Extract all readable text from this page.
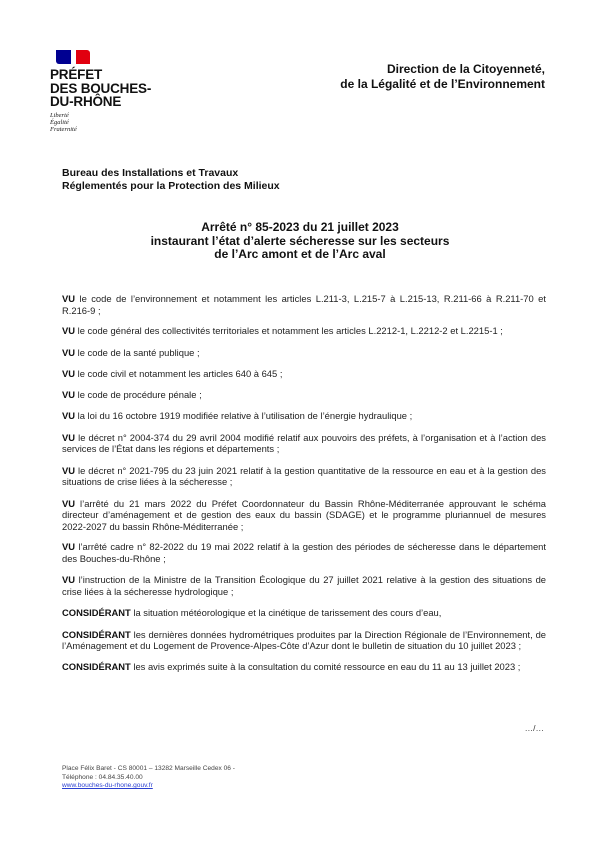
PRÉFET
DES BOUCHES-
DU-RHÔNE
Liberté
Égalité
Fraternité
Direction de la Citoyenneté,
de la Légalité et de l’Environnement
Bureau des Installations et Travaux
Réglementés pour la Protection des Milieux
Arrêté n° 85-2023 du 21 juillet 2023
instaurant l’état d’alerte sécheresse sur les secteurs
de l’Arc amont et de l’Arc aval
VU le code de l’environnement et notamment les articles L.211-3, L.215-7 à L.215-13, R.211-66 à R.211-70 et R.216-9 ;
VU le code général des collectivités territoriales et notamment les articles L.2212-1, L.2212-2 et L.2215-1 ;
VU le code de la santé publique ;
VU le code civil et notamment les articles 640 à 645 ;
VU le code de procédure pénale ;
VU la loi du 16 octobre 1919 modifiée relative à l’utilisation de l’énergie hydraulique ;
VU le décret n° 2004-374 du 29 avril 2004 modifié relatif aux pouvoirs des préfets, à l’organisation et à l’action des services de l’État dans les régions et départements ;
VU le décret n° 2021-795 du 23 juin 2021 relatif à la gestion quantitative de la ressource en eau et à la gestion des situations de crise liées à la sécheresse ;
VU l’arrêté du 21 mars 2022 du Préfet Coordonnateur du Bassin Rhône-Méditerranée approuvant le schéma directeur d’aménagement et de gestion des eaux du bassin (SDAGE) et le programme pluriannuel de mesures 2022-2027 du bassin Rhône-Méditerranée ;
VU l’arrêté cadre n° 82-2022 du 19 mai 2022 relatif à la gestion des périodes de sécheresse dans le département des Bouches-du-Rhône ;
VU l’instruction de la Ministre de la Transition Écologique du 27 juillet 2021 relative à la gestion des situations de crise liées à la sécheresse hydrologique ;
CONSIDÉRANT la situation météorologique et la cinétique de tarissement des cours d’eau,
CONSIDÉRANT les dernières données hydrométriques produites par la Direction Régionale de l’Environnement, de l’Aménagement et du Logement de Provence-Alpes-Côte d’Azur dont le bulletin de situation du 10 juillet 2023 ;
CONSIDÉRANT les avis exprimés suite à la consultation du comité ressource en eau du 11 au 13 juillet 2023 ;
…/…
Place Félix Baret - CS 80001 – 13282 Marseille Cedex 06 -
Téléphone : 04.84.35.40.00
www.bouches-du-rhone.gouv.fr
